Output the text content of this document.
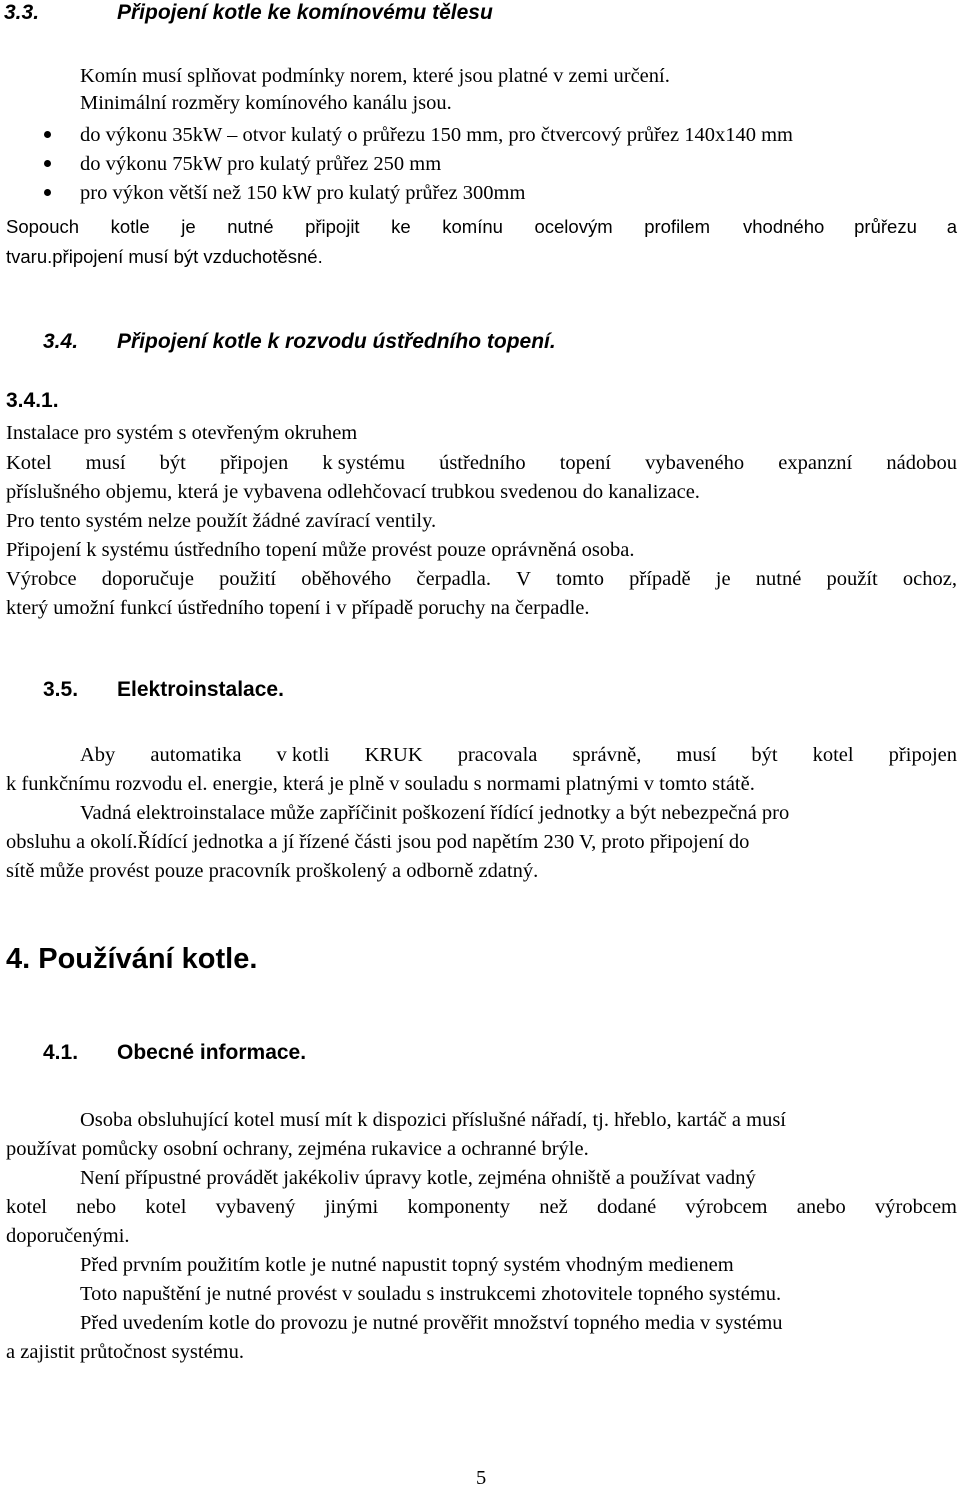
3.3.	Připojení kotle ke komínovému tělesu
Komín musí splňovat podmínky norem, které jsou platné v zemi určení.
Minimální rozměry komínového kanálu jsou.
do výkonu 35kW – otvor kulatý o průřezu 150 mm, pro čtvercový průřez 140x140 mm
do výkonu 75kW pro kulatý průřez 250 mm
pro výkon větší než 150 kW pro kulatý průřez 300mm
Sopouch kotle je nutné připojit ke komínu ocelovým profilem vhodného průřezu a
tvaru.připojení musí být vzduchotěsné.
3.4. Připojení kotle k rozvodu ústředního topení.
3.4.1.
Instalace pro systém s otevřeným okruhem
Kotel musí být připojen k systému ústředního topení vybaveného expanzní nádobou
příslušného objemu, která je vybavena odlehčovací trubkou svedenou do kanalizace.
Pro tento systém nelze použít žádné zavírací ventily.
Připojení k systému ústředního topení může provést pouze oprávněná osoba.
Výrobce doporučuje použití oběhového čerpadla. V tomto případě je nutné použít ochoz,
který umožní funkcí ústředního topení i v případě poruchy na čerpadle.
3.5. Elektroinstalace.
Aby automatika v kotli KRUK pracovala správně, musí být kotel připojen
k funkčnímu rozvodu el. energie, která je plně v souladu s normami platnými v tomto státě.
Vadná elektroinstalace může zapříčinit poškození řídící jednotky a být nebezpečná pro
obsluhu a okolí.Řídící jednotka a jí řízené části jsou pod napětím 230 V, proto připojení do
sítě může provést pouze pracovník proškolený a odborně zdatný.
4. Používání kotle.
4.1. Obecné informace.
Osoba obsluhující kotel musí mít k dispozici příslušné nářadí, tj. hřeblo, kartáč a musí
používat pomůcky osobní ochrany, zejména rukavice a ochranné brýle.
Není přípustné provádět jakékoliv úpravy kotle, zejména ohniště a používat vadný
kotel nebo kotel vybavený jinými komponenty než dodané výrobcem anebo výrobcem
doporučenými.
Před prvním použitím kotle je nutné napustit topný systém vhodným medienem
Toto napuštění je nutné provést v souladu s instrukcemi zhotovitele topného systému.
Před uvedením kotle do provozu je nutné prověřit množství topného media v systému
a zajistit průtočnost systému.
5
